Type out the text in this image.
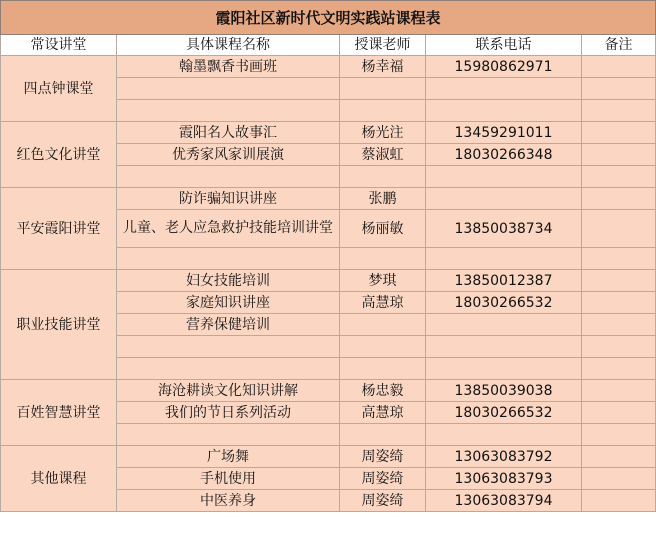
霞阳社区新时代文明实践站课程表				
常设讲堂	具体课程名称	授课老师	联系电话	备注
四点钟课堂	翰墨飘香书画班	杨幸福	15980862971	

红色文化讲堂	霞阳名人故事汇	杨光注	13459291011	
	优秀家风家训展演	蔡淑虹	18030266348	

平安霞阳讲堂	防诈骗知识讲座	张鹏		
	儿童、老人应急救护技能培训讲堂	杨丽敏	13850038734	

职业技能讲堂	妇女技能培训	梦琪	13850012387	
	家庭知识讲座	高慧琼	18030266532	
	营养保健培训			

百姓智慧讲堂	海沧耕读文化知识讲解	杨忠毅	13850039038	
	我们的节日系列活动	高慧琼	18030266532	

其他课程	广场舞	周姿绮	13063083792	
	手机使用	周姿绮	13063083793	
	中医养身	周姿绮	13063083794	
